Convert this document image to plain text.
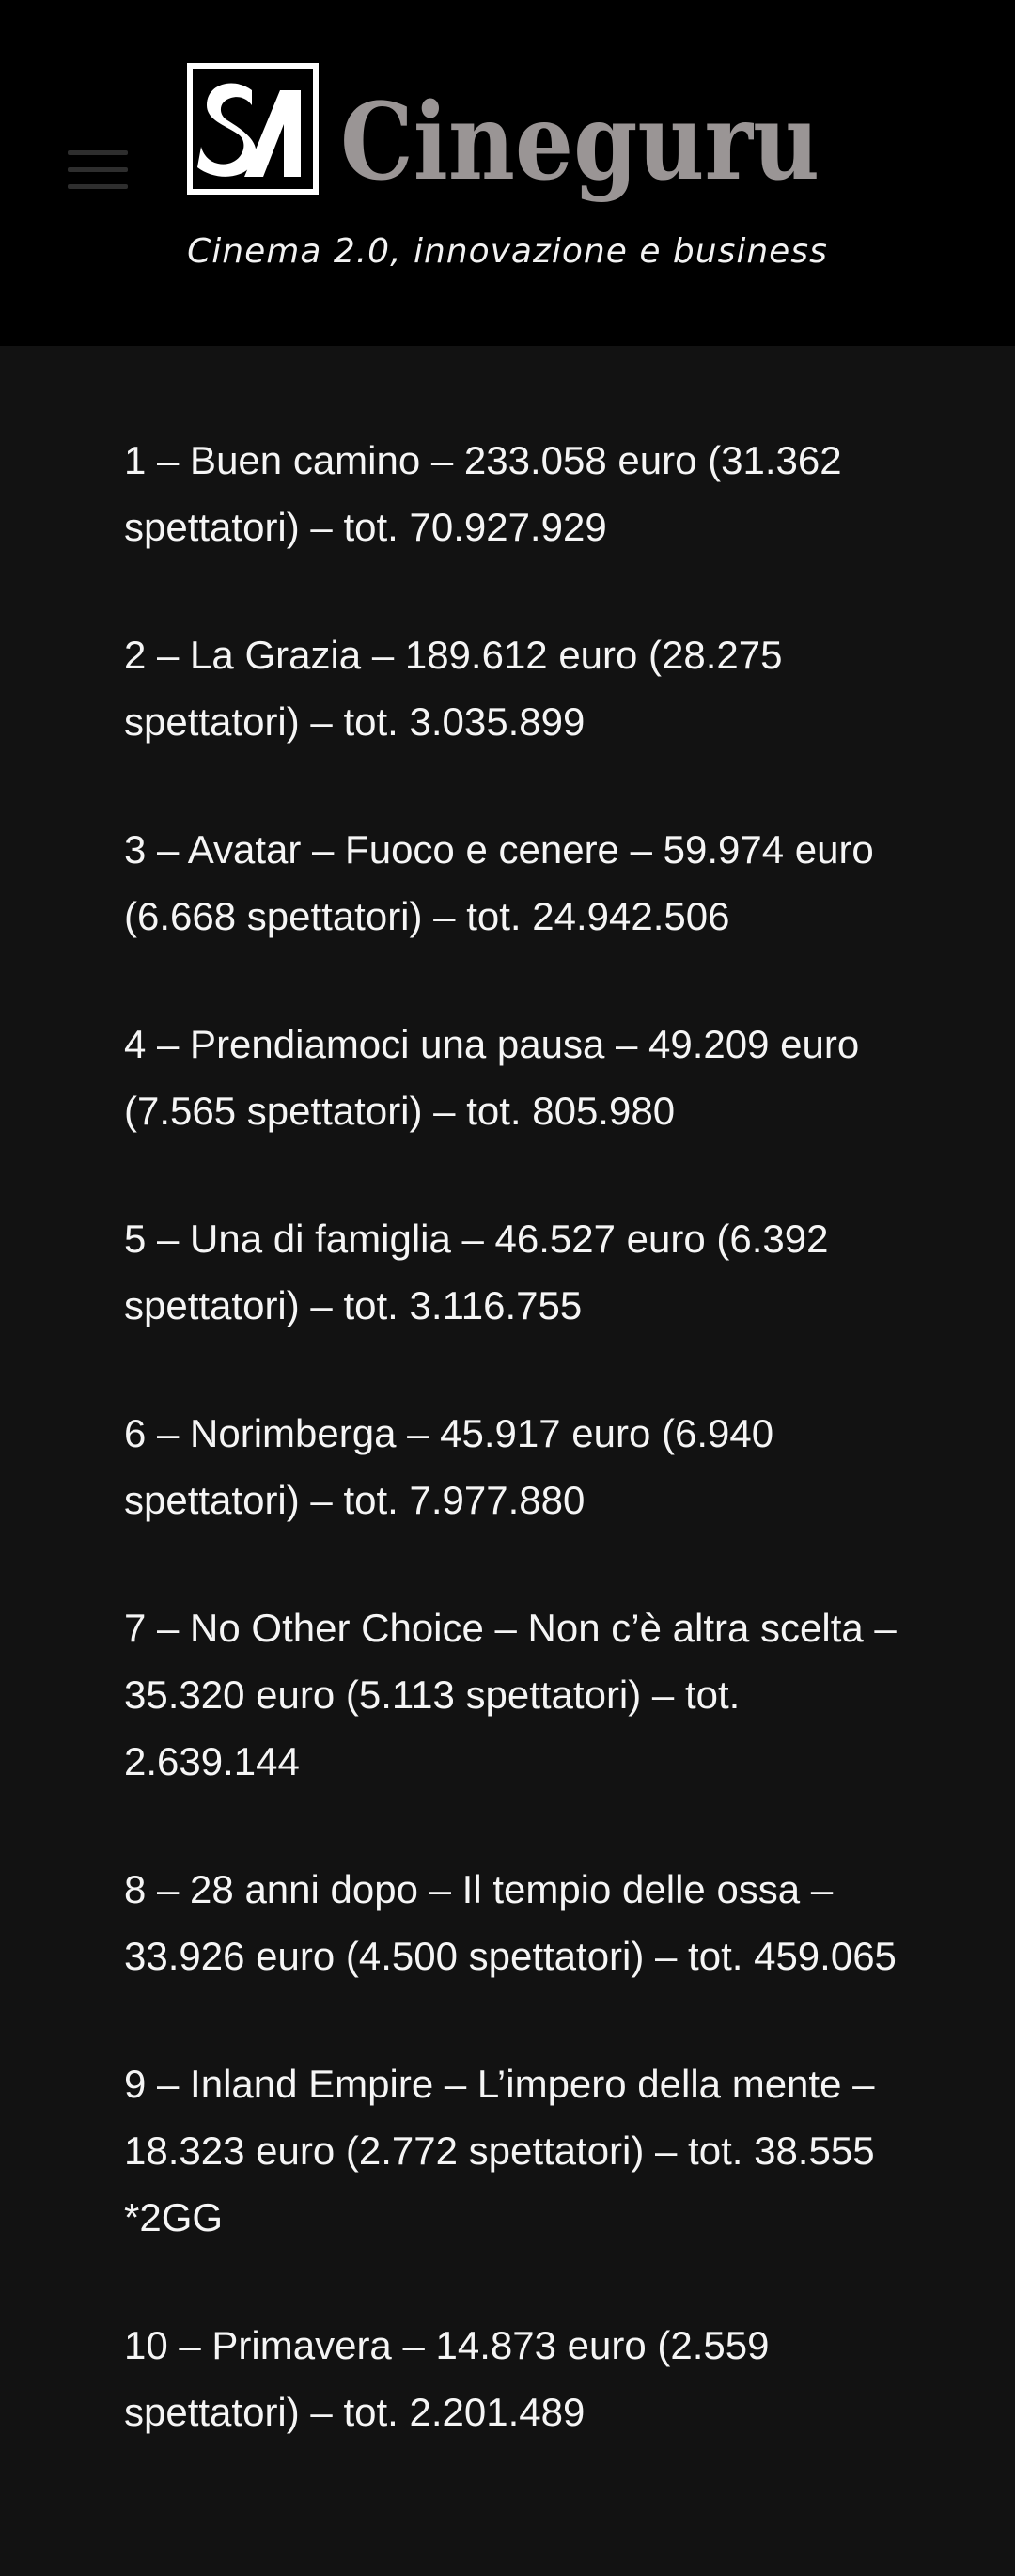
Cineguru
Cinema 2.0, innovazione e business
1 – Buen camino – 233.058 euro (31.362 spettatori) – tot. 70.927.929
2 – La Grazia – 189.612 euro (28.275 spettatori) – tot. 3.035.899
3 – Avatar – Fuoco e cenere – 59.974 euro (6.668 spettatori) – tot. 24.942.506
4 – Prendiamoci una pausa – 49.209 euro (7.565 spettatori) – tot. 805.980
5 – Una di famiglia – 46.527 euro (6.392 spettatori) – tot. 3.116.755
6 – Norimberga – 45.917 euro (6.940 spettatori) – tot. 7.977.880
7 – No Other Choice – Non c’è altra scelta – 35.320 euro (5.113 spettatori) – tot. 2.639.144
8 – 28 anni dopo – Il tempio delle ossa – 33.926 euro (4.500 spettatori) – tot. 459.065
9 – Inland Empire – L’impero della mente – 18.323 euro (2.772 spettatori) – tot. 38.555 *2GG
10 – Primavera – 14.873 euro (2.559 spettatori) – tot. 2.201.489
